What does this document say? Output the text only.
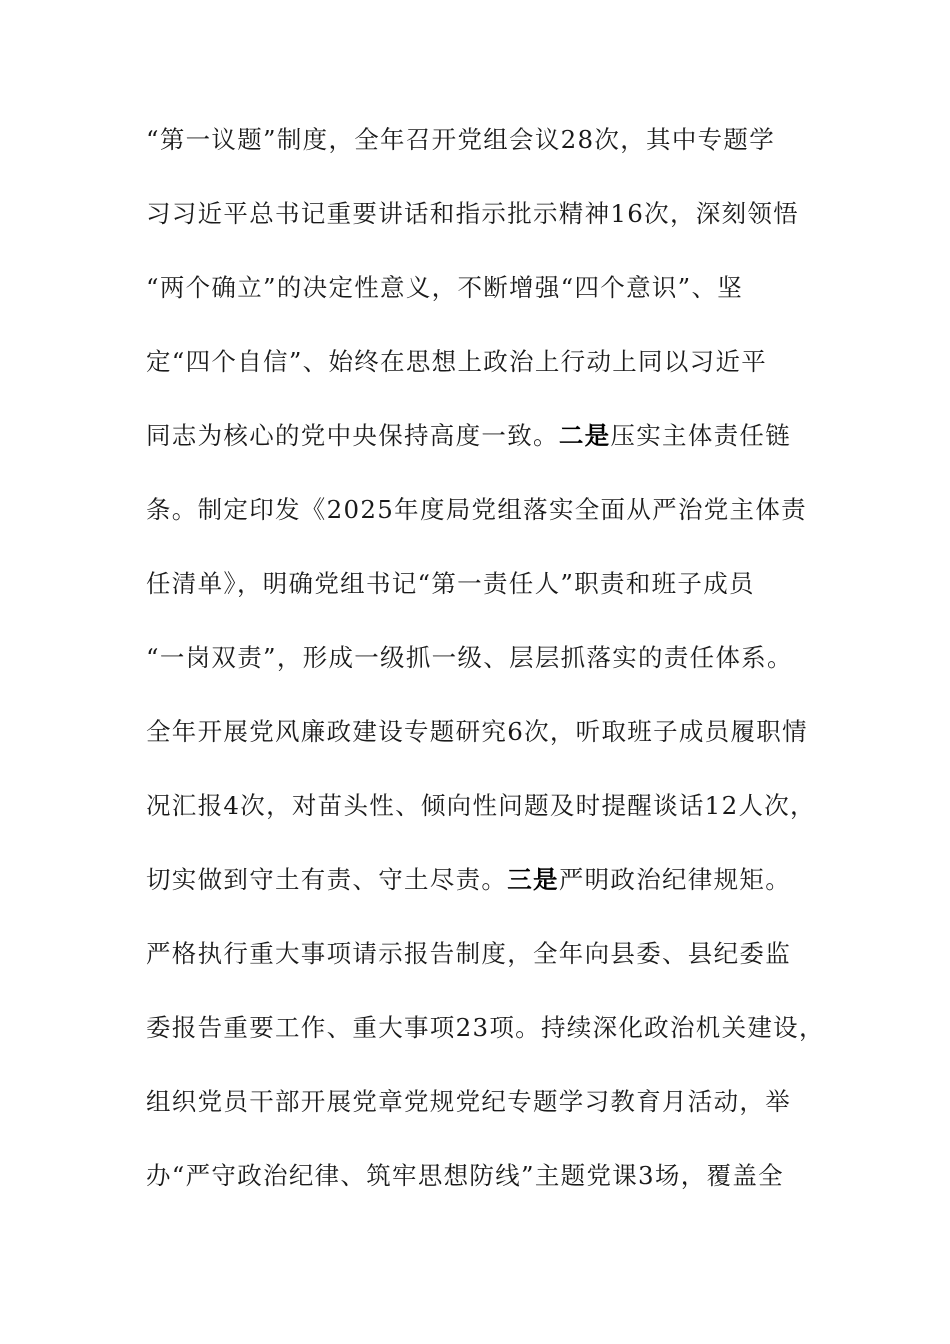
“第一议题”制度，全年召开党组会议28次，其中专题学
习习近平总书记重要讲话和指示批示精神16次，深刻领悟
“两个确立”的决定性意义，不断增强“四个意识”、坚
定“四个自信”、始终在思想上政治上行动上同以习近平
同志为核心的党中央保持高度一致。二是压实主体责任链
条。制定印发《2025年度局党组落实全面从严治党主体责
任清单》，明确党组书记“第一责任人”职责和班子成员
“一岗双责”，形成一级抓一级、层层抓落实的责任体系。
全年开展党风廉政建设专题研究6次，听取班子成员履职情
况汇报4次，对苗头性、倾向性问题及时提醒谈话12人次，
切实做到守土有责、守土尽责。三是严明政治纪律规矩。
严格执行重大事项请示报告制度，全年向县委、县纪委监
委报告重要工作、重大事项23项。持续深化政治机关建设，
组织党员干部开展党章党规党纪专题学习教育月活动，举
办“严守政治纪律、筑牢思想防线”主题党课3场，覆盖全
